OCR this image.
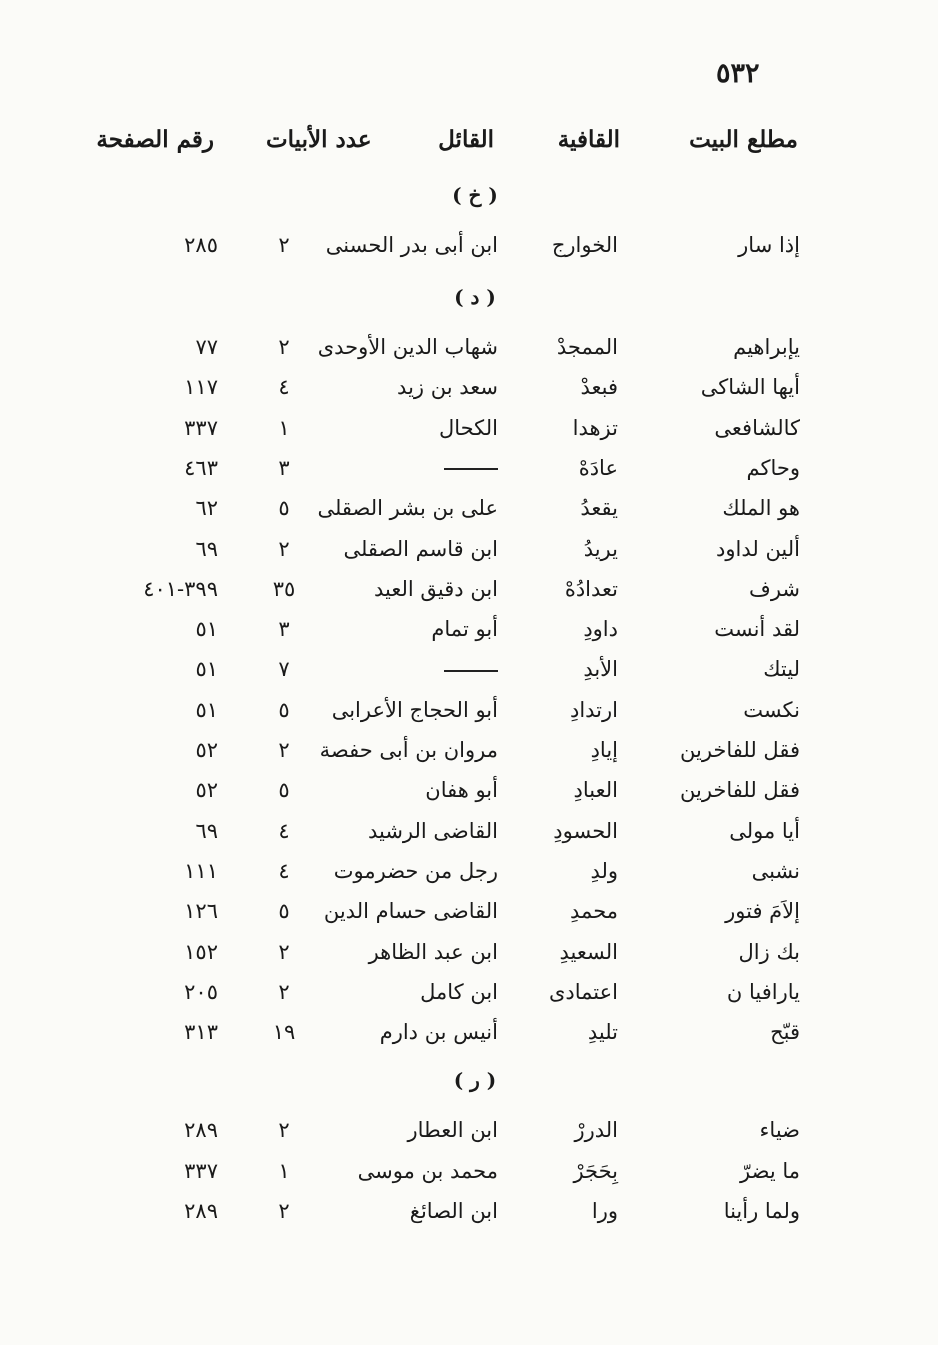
٥٣٢
مطلع البيت
القافية
القائل
عدد الأبيات
رقم الصفحة
( خ )
إذا سار
الخوارج
ابن أبى بدر الحسنى
٢
٢٨٥
( د )
يإبراهيم
الممجدْ
شهاب الدين الأوحدى
٢
٧٧
أيها الشاكى
فبعدْ
سعد بن زيد
٤
١١٧
كالشافعى
تزهدا
الكحال
١
٣٣٧
وحاكم
عادَهْ
٣
٤٦٣
هو الملك
يقعدُ
على بن بشر الصقلى
٥
٦٢
ألين لداود
يريدُ
ابن قاسم الصقلى
٢
٦٩
شرف
تعدادُهْ
ابن دقيق العيد
٣٥
٣٩٩-٤٠١
لقد أنست
داودِ
أبو تمام
٣
٥١
ليتك
الأبدِ
٧
٥١
نكست
ارتدادِ
أبو الحجاج الأعرابى
٥
٥١
فقل للفاخرين
إيادِ
مروان بن أبى حفصة
٢
٥٢
فقل للفاخرين
العبادِ
أبو هفان
٥
٥٢
أيا مولى
الحسودِ
القاضى الرشيد
٤
٦٩
نشبى
ولدِ
رجل من حضرموت
٤
١١١
إلاَمَ فتور
محمدِ
القاضى حسام الدين
٥
١٢٦
بك زال
السعيدِ
ابن عبد الظاهر
٢
١٥٢
يارافيا ن
اعتمادى
ابن كامل
٢
٢٠٥
قبّح
تليدِ
أنيس بن دارم
١٩
٣١٣
( ر )
ضياء
الدررْ
ابن العطار
٢
٢٨٩
ما يضرّ
بِحَجَرْ
محمد بن موسى
١
٣٣٧
ولما رأينا
ورا
ابن الصائغ
٢
٢٨٩
